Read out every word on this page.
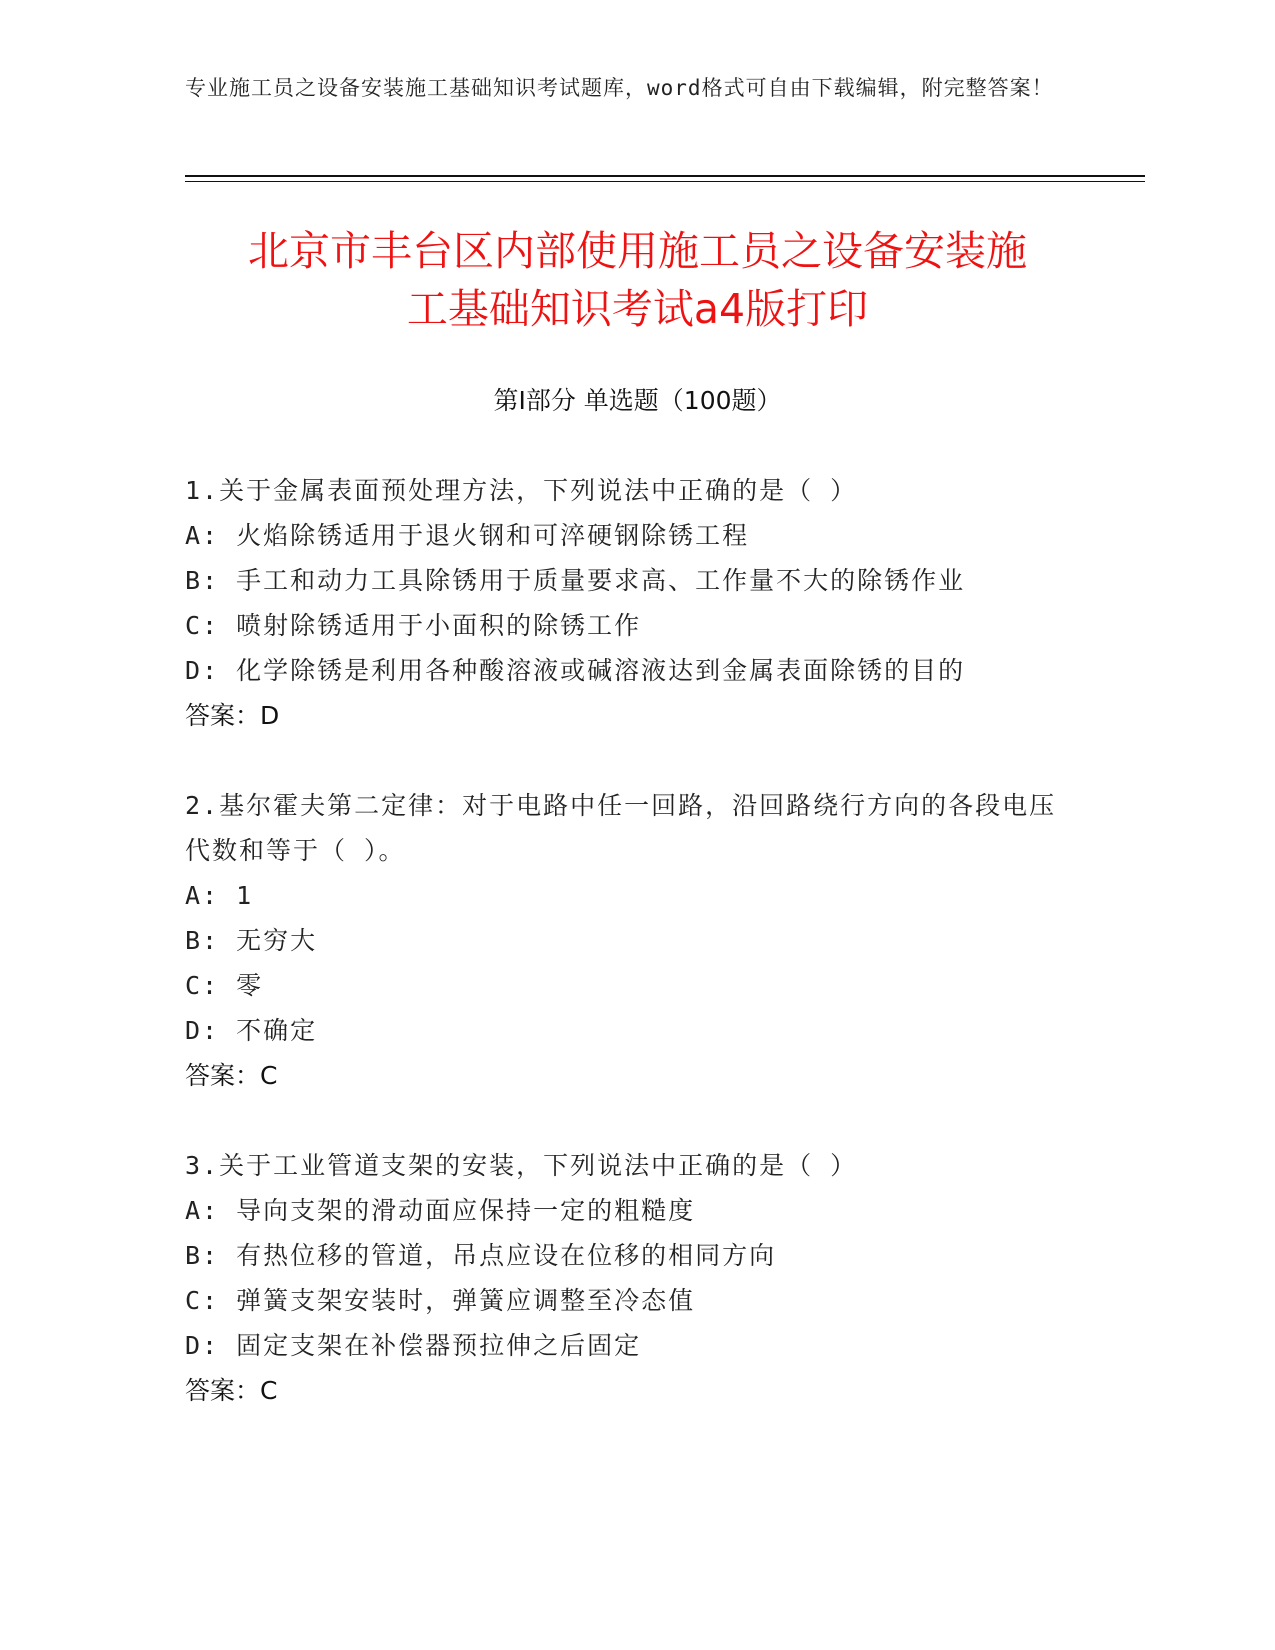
专业施工员之设备安装施工基础知识考试题库，word格式可自由下载编辑，附完整答案！
北京市丰台区内部使用施工员之设备安装施
工基础知识考试a4版打印
第Ⅰ部分 单选题（100题）
1.关于金属表面预处理方法，下列说法中正确的是（ ）
A: 火焰除锈适用于退火钢和可淬硬钢除锈工程
B: 手工和动力工具除锈用于质量要求高、工作量不大的除锈作业
C: 喷射除锈适用于小面积的除锈工作
D: 化学除锈是利用各种酸溶液或碱溶液达到金属表面除锈的目的
答案：D
2.基尔霍夫第二定律：对于电路中任一回路，沿回路绕行方向的各段电压代数和等于（ ）。
A: 1
B: 无穷大
C: 零
D: 不确定
答案：C
3.关于工业管道支架的安装，下列说法中正确的是（ ）
A: 导向支架的滑动面应保持一定的粗糙度
B: 有热位移的管道，吊点应设在位移的相同方向
C: 弹簧支架安装时，弹簧应调整至冷态值
D: 固定支架在补偿器预拉伸之后固定
答案：C
